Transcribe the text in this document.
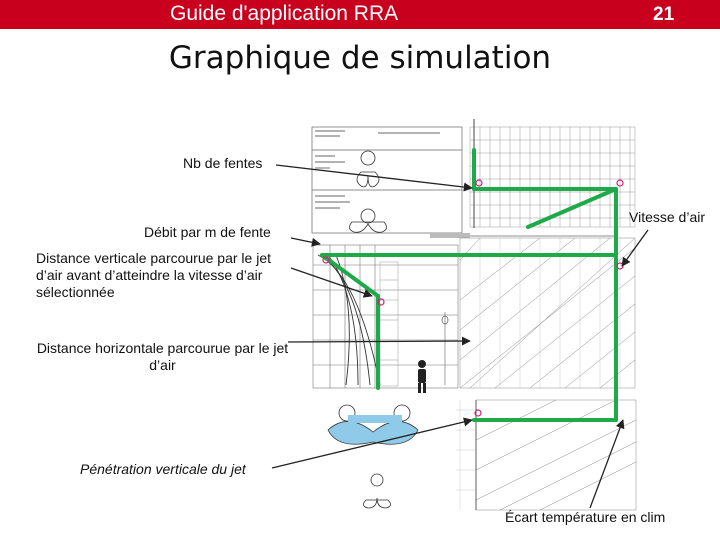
Guide d'application RRA	21
Graphique de simulation
Nb de fentes
Débit par m de fente
Distance verticale parcourue par le jet d’air avant d’atteindre la vitesse d’air sélectionnée
Distance horizontale parcourue par le jet d’air
Vitesse d’air
Pénétration verticale du jet
Écart température en clim
